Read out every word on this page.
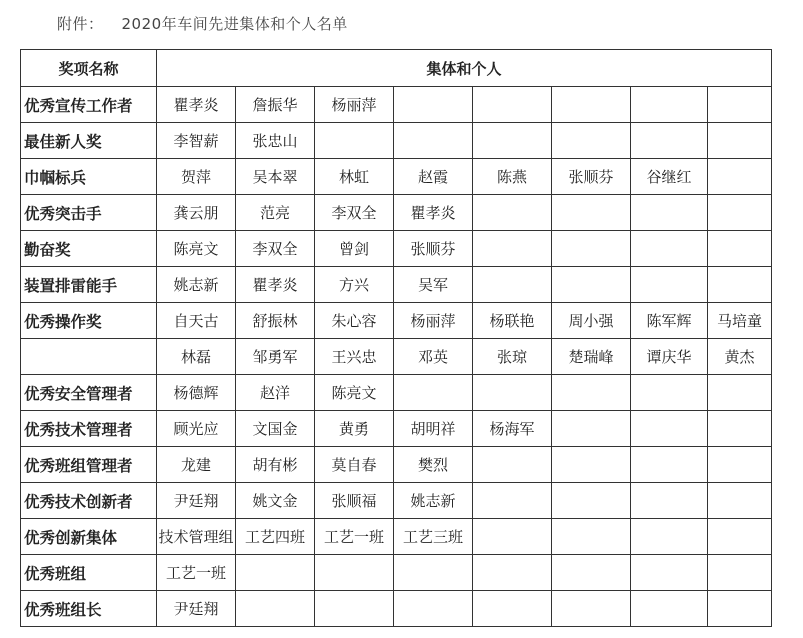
附件： 2020年车间先进集体和个人名单
奖项名称	集体和个人							
优秀宣传工作者	瞿孝炎	詹振华	杨丽萍					
最佳新人奖	李智薪	张忠山						
巾帼标兵	贺萍	吴本翠	林虹	赵霞	陈燕	张顺芬	谷继红	
优秀突击手	龚云朋	范亮	李双全	瞿孝炎				
勤奋奖	陈亮文	李双全	曾剑	张顺芬				
装置排雷能手	姚志新	瞿孝炎	方兴	吴军				
优秀操作奖	自天古	舒振林	朱心容	杨丽萍	杨联艳	周小强	陈军辉	马培童
	林磊	邹勇军	王兴忠	邓英	张琼	楚瑞峰	谭庆华	黄杰
优秀安全管理者	杨德辉	赵洋	陈亮文					
优秀技术管理者	顾光应	文国金	黄勇	胡明祥	杨海军			
优秀班组管理者	龙建	胡有彬	莫自春	樊烈				
优秀技术创新者	尹廷翔	姚文金	张顺福	姚志新				
优秀创新集体	技术管理组	工艺四班	工艺一班	工艺三班				
优秀班组	工艺一班							
优秀班组长	尹廷翔							
